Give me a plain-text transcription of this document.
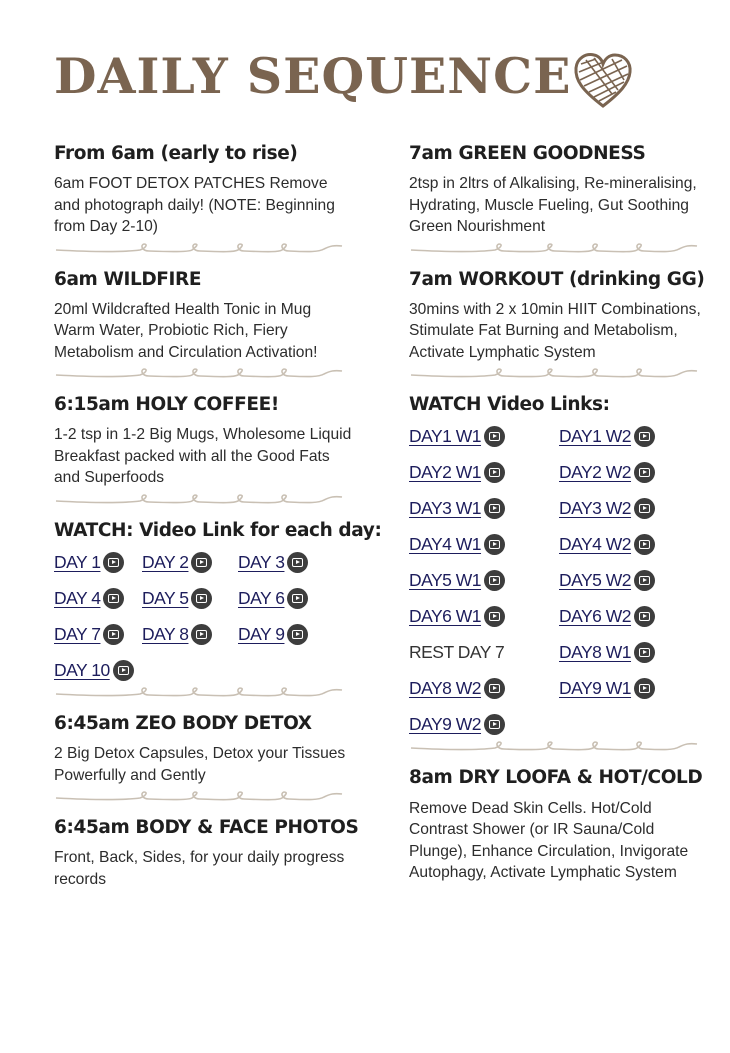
DAILY SEQUENCE

From 6am (early to rise)

6am FOOT DETOX PATCHES Remove and photograph daily! (NOTE: Beginning from Day 2-10)

6am WILDFIRE

20ml Wildcrafted Health Tonic in Mug Warm Water, Probiotic Rich, Fiery Metabolism and Circulation Activation!

6:15am HOLY COFFEE!

1-2 tsp in 1-2 Big Mugs, Wholesome Liquid Breakfast packed with all the Good Fats and Superfoods

WATCH: Video Link for each day:

DAY 1 DAY 2	DAY 3
DAY 4 DAY 5	DAY 6
DAY 7 DAY 8	DAY 9
DAY 10

6:45am ZEO BODY DETOX

2 Big Detox Capsules, Detox your Tissues Powerfully and Gently

6:45am BODY & FACE PHOTOS

Front, Back, Sides, for your daily progress records

7am GREEN GOODNESS

2tsp in 2ltrs of Alkalising, Re-mineralising, Hydrating, Muscle Fueling, Gut Soothing Green Nourishment

7am WORKOUT (drinking GG)

30mins with 2 x 10min HIIT Combinations, Stimulate Fat Burning and Metabolism, Activate Lymphatic System

WATCH Video Links:

DAY1 W1	DAY1 W2
DAY2 W1	DAY2 W2
DAY3 W1	DAY3 W2
DAY4 W1	DAY4 W2
DAY5 W1	DAY5 W2
DAY6 W1	DAY6 W2
REST DAY 7	DAY8 W1
DAY8 W2	DAY9 W1
DAY9 W2

8am DRY LOOFA & HOT/COLD

Remove Dead Skin Cells. Hot/Cold Contrast Shower (or IR Sauna/Cold Plunge), Enhance Circulation, Invigorate Autophagy, Activate Lymphatic System
